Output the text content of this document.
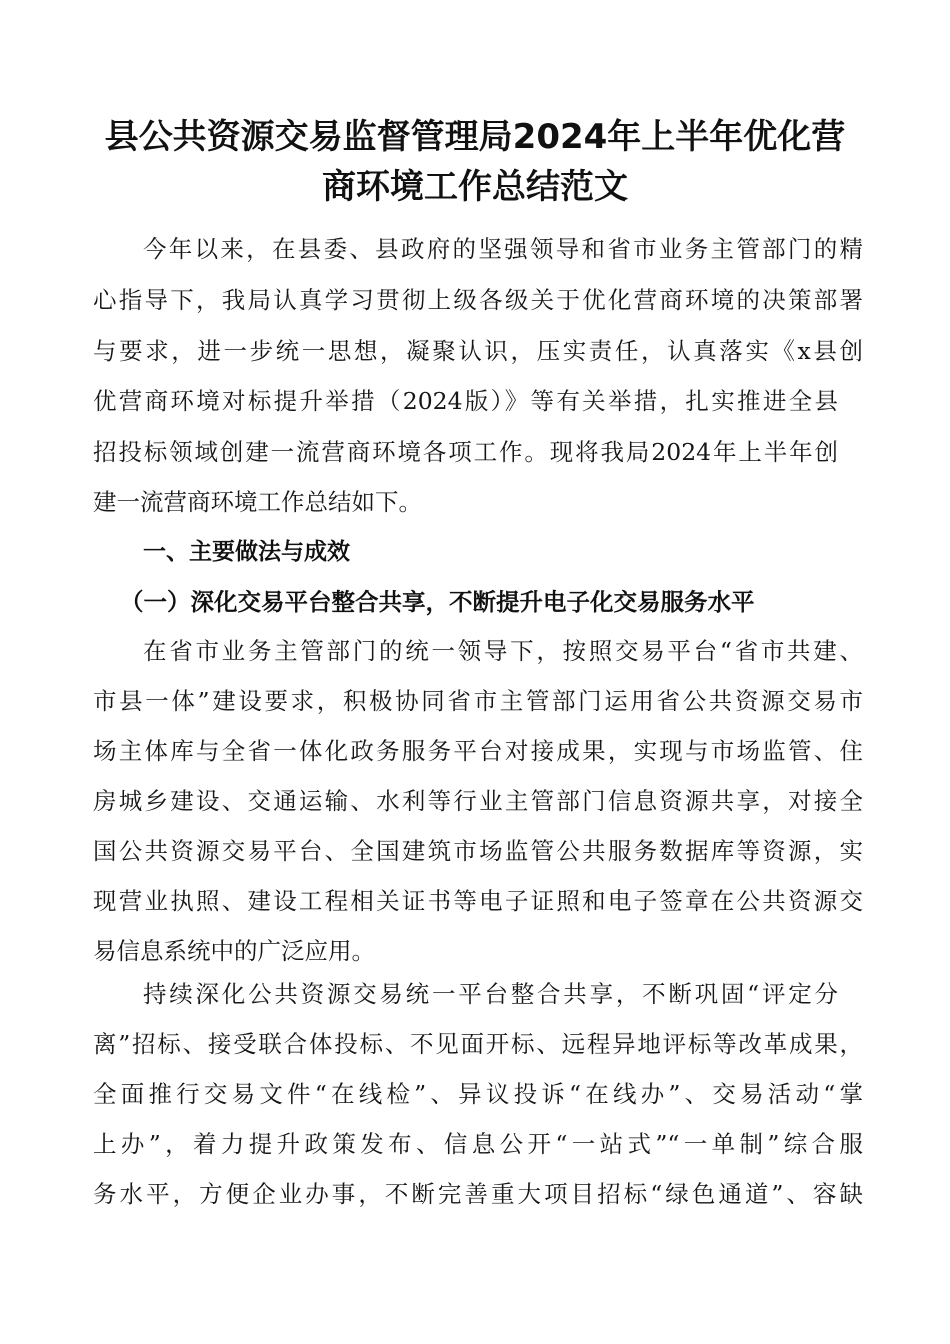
县公共资源交易监督管理局2024年上半年优化营
商环境工作总结范文
今年以来，在县委、县政府的坚强领导和省市业务主管部门的精
心指导下，我局认真学习贯彻上级各级关于优化营商环境的决策部署
与要求，进一步统一思想，凝聚认识，压实责任，认真落实《x县创
优营商环境对标提升举措（2024版）》等有关举措，扎实推进全县
招投标领域创建一流营商环境各项工作。现将我局2024年上半年创
建一流营商环境工作总结如下。
一、主要做法与成效
（一）深化交易平台整合共享，不断提升电子化交易服务水平
在省市业务主管部门的统一领导下，按照交易平台“省市共建、
市县一体”建设要求，积极协同省市主管部门运用省公共资源交易市
场主体库与全省一体化政务服务平台对接成果，实现与市场监管、住
房城乡建设、交通运输、水利等行业主管部门信息资源共享，对接全
国公共资源交易平台、全国建筑市场监管公共服务数据库等资源，实
现营业执照、建设工程相关证书等电子证照和电子签章在公共资源交
易信息系统中的广泛应用。
持续深化公共资源交易统一平台整合共享，不断巩固“评定分
离”招标、接受联合体投标、不见面开标、远程异地评标等改革成果，
全面推行交易文件“在线检”、异议投诉“在线办”、交易活动“掌
上办”，着力提升政策发布、信息公开“一站式”“一单制”综合服
务水平，方便企业办事，不断完善重大项目招标“绿色通道”、容缺
